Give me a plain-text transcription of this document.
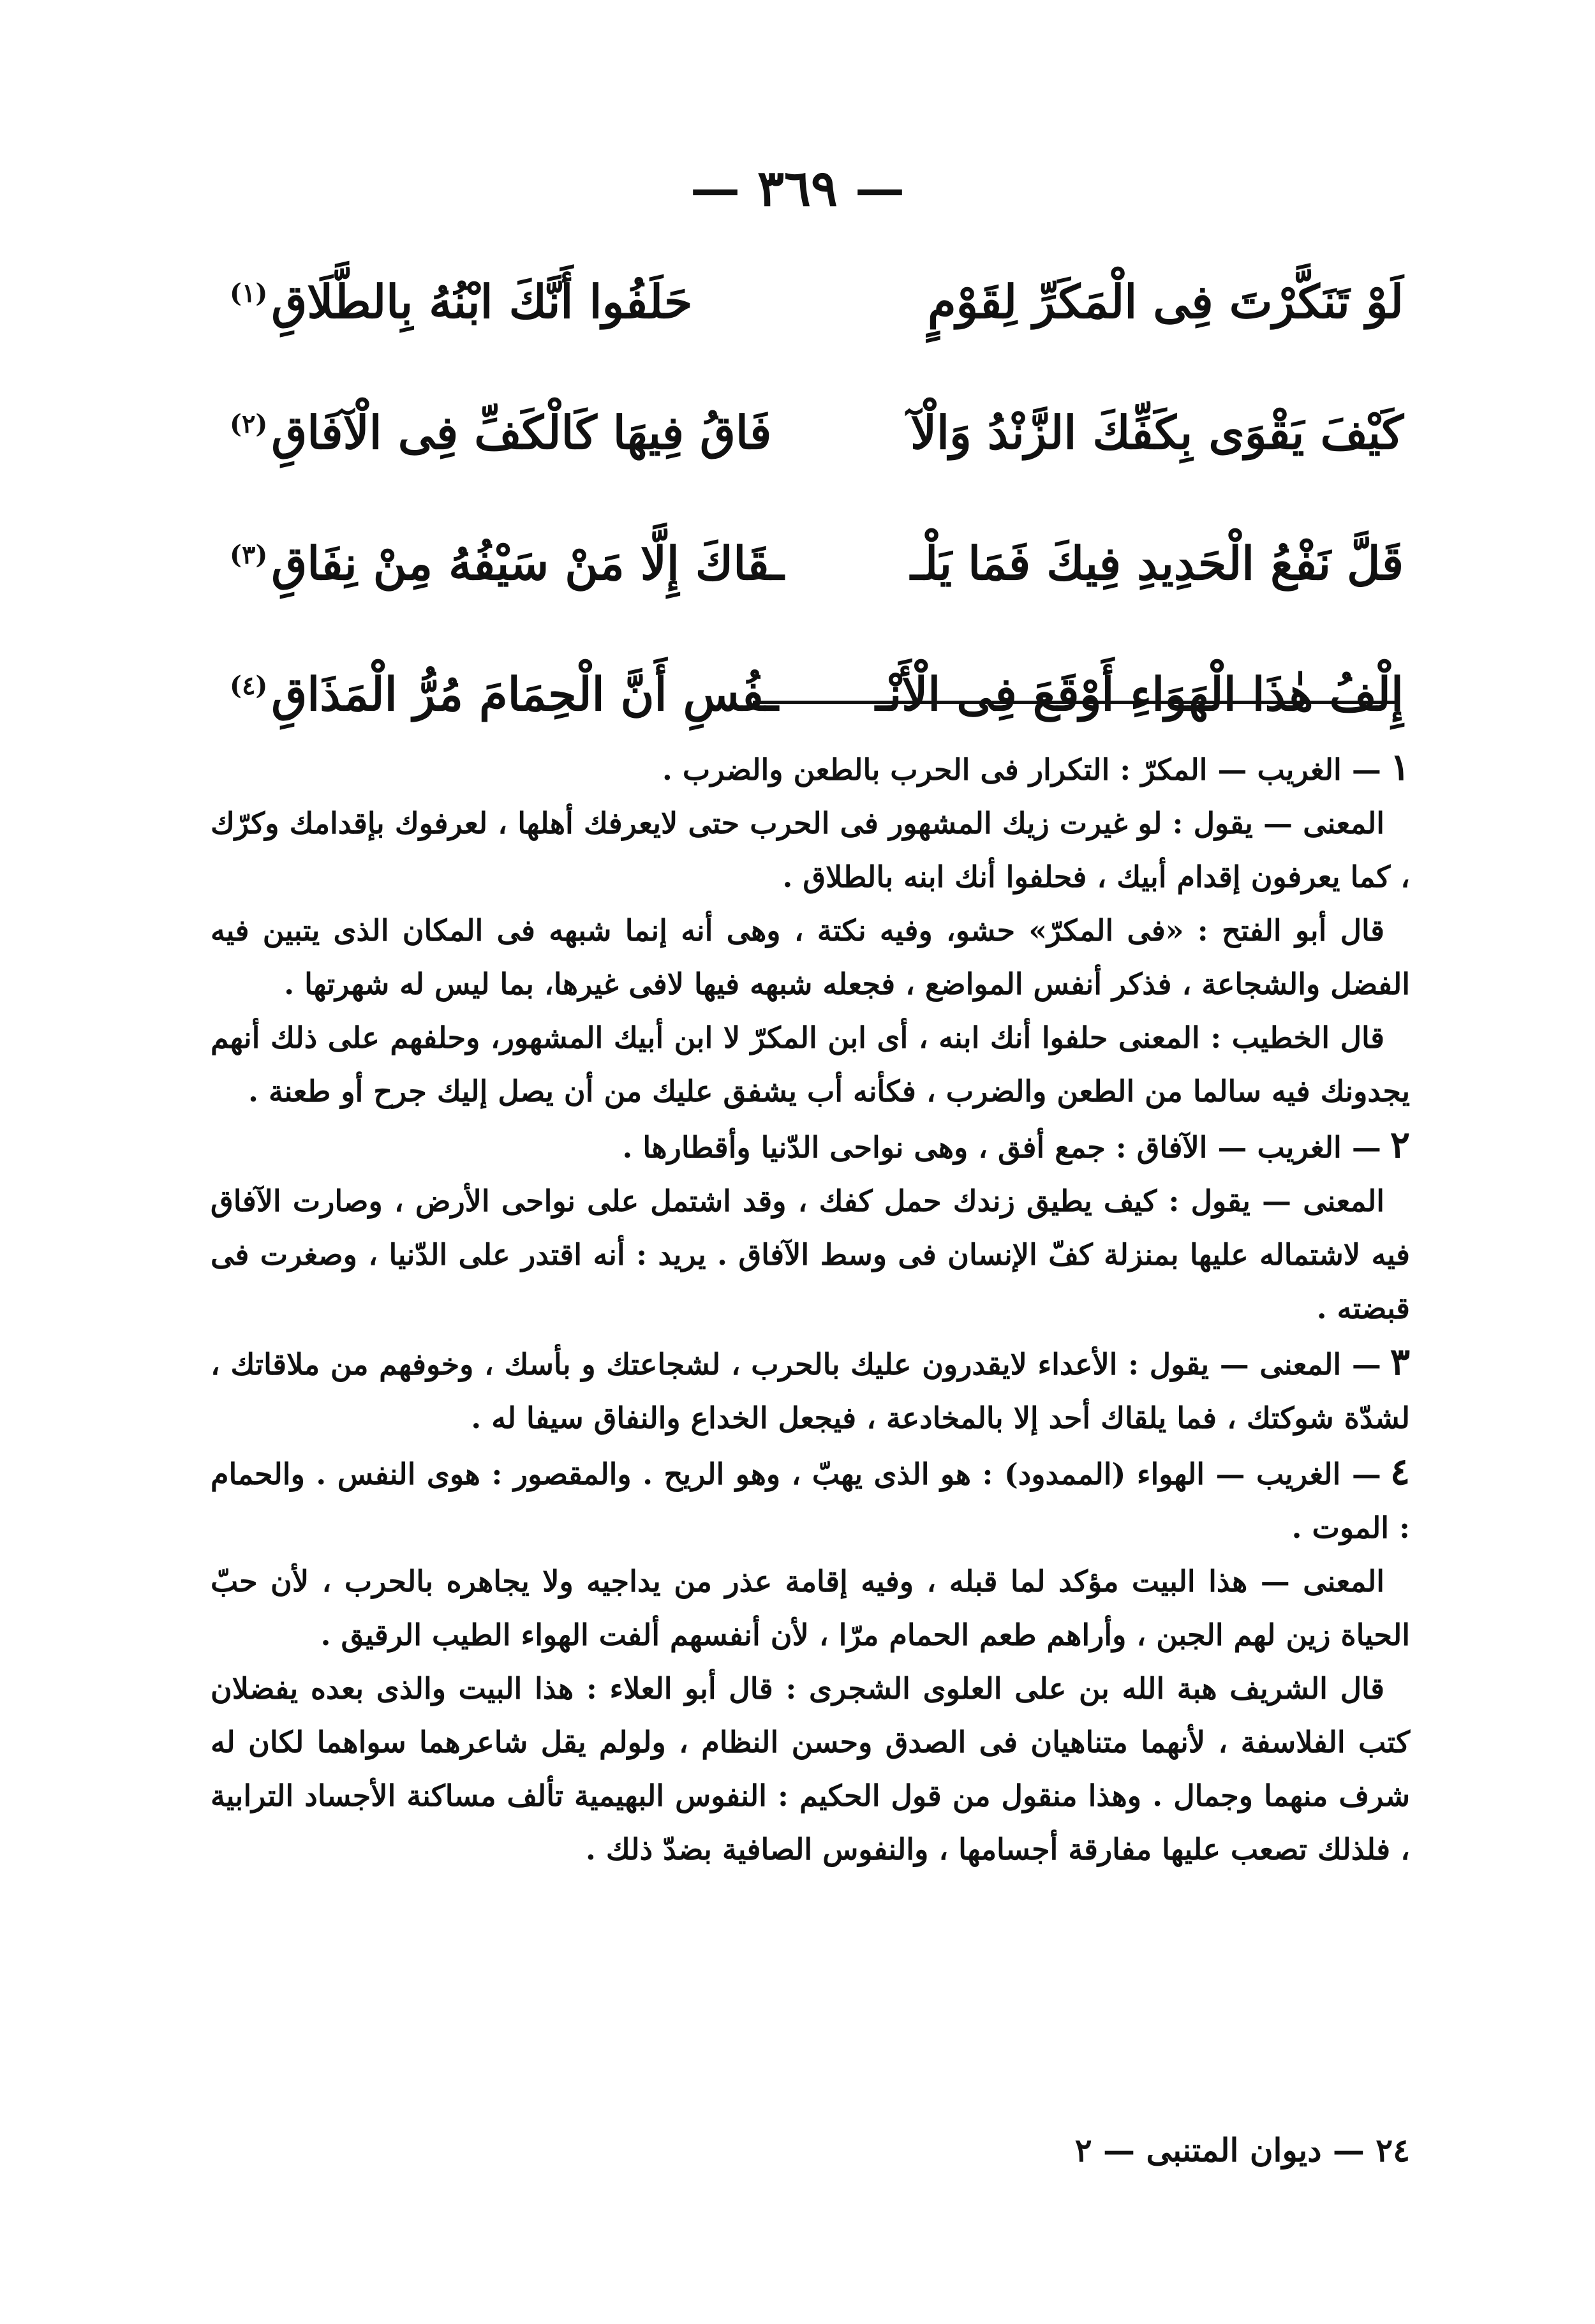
— ٣٦٩ —
لَوْ تَنَكَّرْتَ فِى الْمَكَرِّ لِقَوْمٍ
حَلَفُوا أَنَّكَ ابْنُهُ بِالطَّلَاقِ$^{(١)}$
كَيْفَ يَقْوَى بِكَفِّكَ الزَّنْدُ وَالْآ
فَاقُ فِيهَا كَالْكَفِّ فِى الْآفَاقِ$^{(٢)}$
قَلَّ نَفْعُ الْحَدِيدِ فِيكَ فَمَا يَلْـ
ـقَاكَ إِلَّا مَنْ سَيْفُهُ مِنْ نِفَاقِ$^{(٣)}$
إِلْفُ هٰذَا الْهَوَاءِ أَوْقَعَ فِى الْأَنْـ
ـفُسِ أَنَّ الْحِمَامَ مُرُّ الْمَذَاقِ$^{(٤)}$

١— الغريب — المكرّ : التكرار فى الحرب بالطعن والضرب .

المعنى — يقول : لو غيرت زيك المشهور فى الحرب حتى لايعرفك أهلها ، لعرفوك بإقدامك وكرّك ، كما يعرفون إقدام أبيك ، فحلفوا أنك ابنه بالطلاق .

قال أبو الفتح : «فى المكرّ» حشو، وفيه نكتة ، وهى أنه إنما شبهه فى المكان الذى يتبين فيه الفضل والشجاعة ، فذكر أنفس المواضع ، فجعله شبهه فيها لافى غيرها، بما ليس له شهرتها .

قال الخطيب : المعنى حلفوا أنك ابنه ، أى ابن المكرّ لا ابن أبيك المشهور، وحلفهم على ذلك أنهم يجدونك فيه سالما من الطعن والضرب ، فكأنه أب يشفق عليك من أن يصل إليك جرح أو طعنة .

٢— الغريب — الآفاق : جمع أفق ، وهى نواحى الدّنيا وأقطارها .

المعنى — يقول : كيف يطيق زندك حمل كفك ، وقد اشتمل على نواحى الأرض ، وصارت الآفاق فيه لاشتماله عليها بمنزلة كفّ الإنسان فى وسط الآفاق . يريد : أنه اقتدر على الدّنيا ، وصغرت فى قبضته .

٣— المعنى — يقول : الأعداء لايقدرون عليك بالحرب ، لشجاعتك و بأسك ، وخوفهم من ملاقاتك ، لشدّة شوكتك ، فما يلقاك أحد إلا بالمخادعة ، فيجعل الخداع والنفاق سيفا له .

٤— الغريب — الهواء (الممدود) : هو الذى يهبّ ، وهو الريح . والمقصور : هوى النفس . والحمام : الموت .

المعنى — هذا البيت مؤكد لما قبله ، وفيه إقامة عذر من يداجيه ولا يجاهره بالحرب ، لأن حبّ الحياة زين لهم الجبن ، وأراهم طعم الحمام مرّا ، لأن أنفسهم ألفت الهواء الطيب الرقيق .

قال الشريف هبة الله بن على العلوى الشجرى : قال أبو العلاء : هذا البيت والذى بعده يفضلان كتب الفلاسفة ، لأنهما متناهيان فى الصدق وحسن النظام ، ولولم يقل شاعرهما سواهما لكان له شرف منهما وجمال . وهذا منقول من قول الحكيم : النفوس البهيمية تألف مساكنة الأجساد الترابية ، فلذلك تصعب عليها مفارقة أجسامها ، والنفوس الصافية بضدّ ذلك .

٢٤ — ديوان المتنبى — ٢
